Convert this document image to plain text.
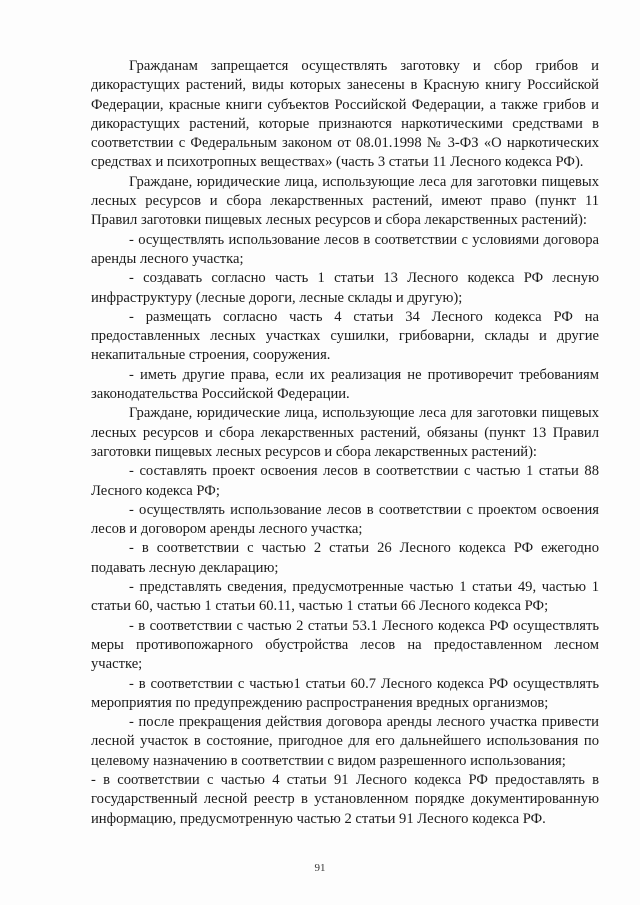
Гражданам запрещается осуществлять заготовку и сбор грибов и дикорастущих растений, виды которых занесены в Красную книгу Российской Федерации, красные книги субъектов Российской Федерации, а также грибов и дикорастущих растений, которые признаются наркотическими средствами в соответствии с Федеральным законом от 08.01.1998 № 3-ФЗ «О наркотических средствах и психотропных веществах» (часть 3 статьи 11 Лесного кодекса РФ).

Граждане, юридические лица, использующие леса для заготовки пищевых лесных ресурсов и сбора лекарственных растений, имеют право (пункт 11 Правил заготовки пищевых лесных ресурсов и сбора лекарственных растений):

- осуществлять использование лесов в соответствии с условиями договора аренды лесного участка;

- создавать согласно часть 1 статьи 13 Лесного кодекса РФ лесную инфраструктуру (лесные дороги, лесные склады и другую);

- размещать согласно часть 4 статьи 34 Лесного кодекса РФ на предоставленных лесных участках сушилки, грибоварни, склады и другие некапитальные строения, сооружения.

- иметь другие права, если их реализация не противоречит требованиям законодательства Российской Федерации.

Граждане, юридические лица, использующие леса для заготовки пищевых лесных ресурсов и сбора лекарственных растений, обязаны (пункт 13 Правил заготовки пищевых лесных ресурсов и сбора лекарственных растений):

- составлять проект освоения лесов в соответствии с частью 1 статьи 88 Лесного кодекса РФ;

- осуществлять использование лесов в соответствии с проектом освоения лесов и договором аренды лесного участка;

- в соответствии с частью 2 статьи 26 Лесного кодекса РФ ежегодно подавать лесную декларацию;

- представлять сведения, предусмотренные частью 1 статьи 49, частью 1 статьи 60, частью 1 статьи 60.11, частью 1 статьи 66 Лесного кодекса РФ;

- в соответствии с частью 2 статьи 53.1 Лесного кодекса РФ осуществлять меры противопожарного обустройства лесов на предоставленном лесном участке;

- в соответствии с частью1 статьи 60.7 Лесного кодекса РФ осуществлять мероприятия по предупреждению распространения вредных организмов;

- после прекращения действия договора аренды лесного участка привести лесной участок в состояние, пригодное для его дальнейшего использования по целевому назначению в соответствии с видом разрешенного использования;

- в соответствии с частью 4 статьи 91 Лесного кодекса РФ предоставлять в государственный лесной реестр в установленном порядке документированную информацию, предусмотренную частью 2 статьи 91 Лесного кодекса РФ.

91
